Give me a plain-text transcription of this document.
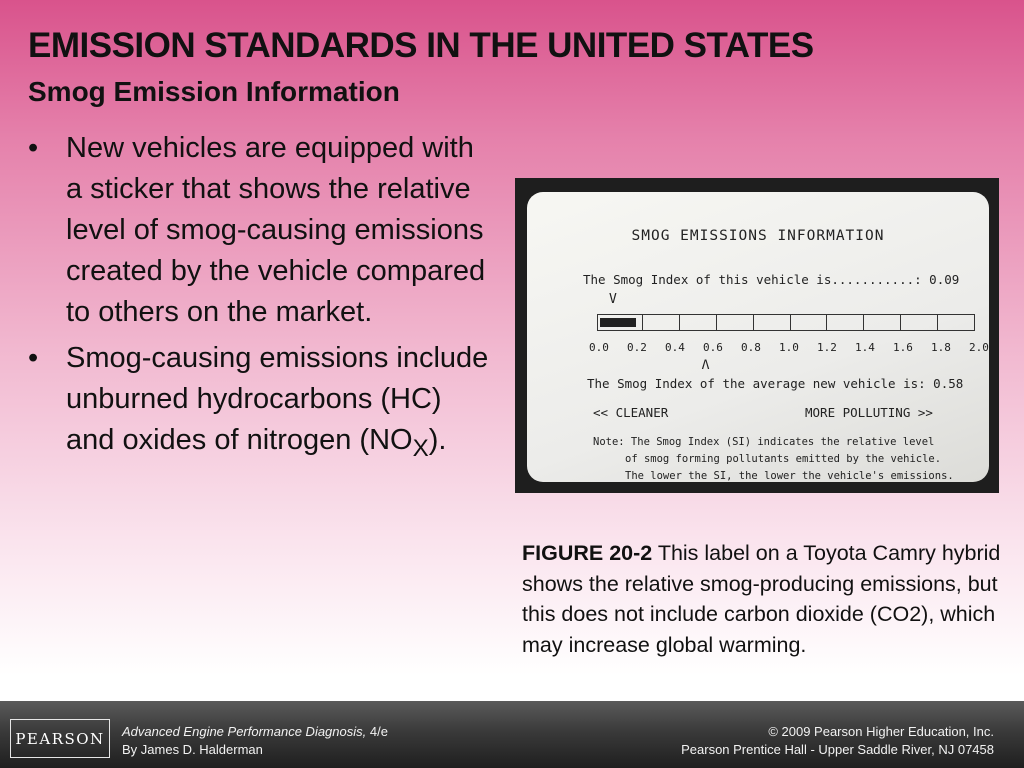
EMISSION STANDARDS IN THE UNITED STATES
Smog Emission Information
• New vehicles are equipped with a sticker that shows the relative level of smog-causing emissions created by the vehicle compared to others on the market.
• Smog-causing emissions include unburned hydrocarbons (HC) and oxides of nitrogen $(NO_X)$.
SMOG EMISSIONS INFORMATION
The Smog Index of this vehicle is...........: 0.09
V
0.0 0.2 0.4 0.6 0.8 1.0 1.2 1.4 1.6 1.8 2.0
Λ
The Smog Index of the average new vehicle is: 0.58
<< CLEANER	MORE POLLUTING >>
Note: The Smog Index (SI) indicates the relative level
of smog forming pollutants emitted by the vehicle.
The lower the SI, the lower the vehicle's emissions.

FIGURE 20-2 This label on a Toyota Camry hybrid shows the relative smog-producing emissions, but this does not include carbon dioxide (CO2), which may increase global warming.

PEARSON	Advanced Engine Performance Diagnosis, 4/e
By James D. Halderman
© 2009 Pearson Higher Education, Inc.
Pearson Prentice Hall - Upper Saddle River, NJ 07458
